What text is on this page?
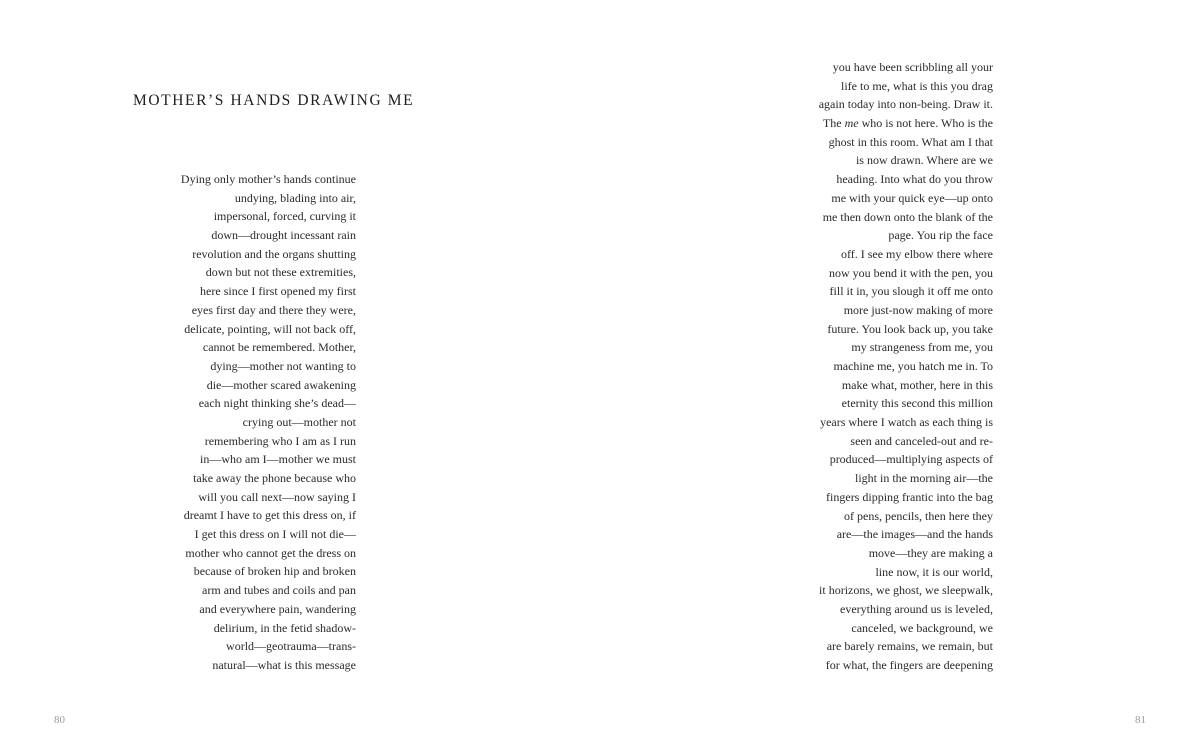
MOTHER’S HANDS DRAWING ME
Dying only mother’s hands continue
undying, blading into air,
impersonal, forced, curving it
down—drought incessant rain
revolution and the organs shutting
down but not these extremities,
here since I first opened my first
eyes first day and there they were,
delicate, pointing, will not back off,
cannot be remembered. Mother,
dying—mother not wanting to
die—mother scared awakening
each night thinking she’s dead—
crying out—mother not
remembering who I am as I run
in—who am I—mother we must
take away the phone because who
will you call next—now saying I
dreamt I have to get this dress on, if
I get this dress on I will not die—
mother who cannot get the dress on
because of broken hip and broken
arm and tubes and coils and pan
and everywhere pain, wandering
delirium, in the fetid shadow-
world—geotrauma—trans-
natural—what is this message
80
you have been scribbling all your
life to me, what is this you drag
again today into non-being. Draw it.
The me who is not here. Who is the
ghost in this room. What am I that
is now drawn. Where are we
heading. Into what do you throw
me with your quick eye—up onto
me then down onto the blank of the
page. You rip the face
off. I see my elbow there where
now you bend it with the pen, you
fill it in, you slough it off me onto
more just-now making of more
future. You look back up, you take
my strangeness from me, you
machine me, you hatch me in. To
make what, mother, here in this
eternity this second this million
years where I watch as each thing is
seen and canceled-out and re-
produced—multiplying aspects of
light in the morning air—the
fingers dipping frantic into the bag
of pens, pencils, then here they
are—the images—and the hands
move—they are making a
line now, it is our world,
it horizons, we ghost, we sleepwalk,
everything around us is leveled,
canceled, we background, we
are barely remains, we remain, but
for what, the fingers are deepening
81
